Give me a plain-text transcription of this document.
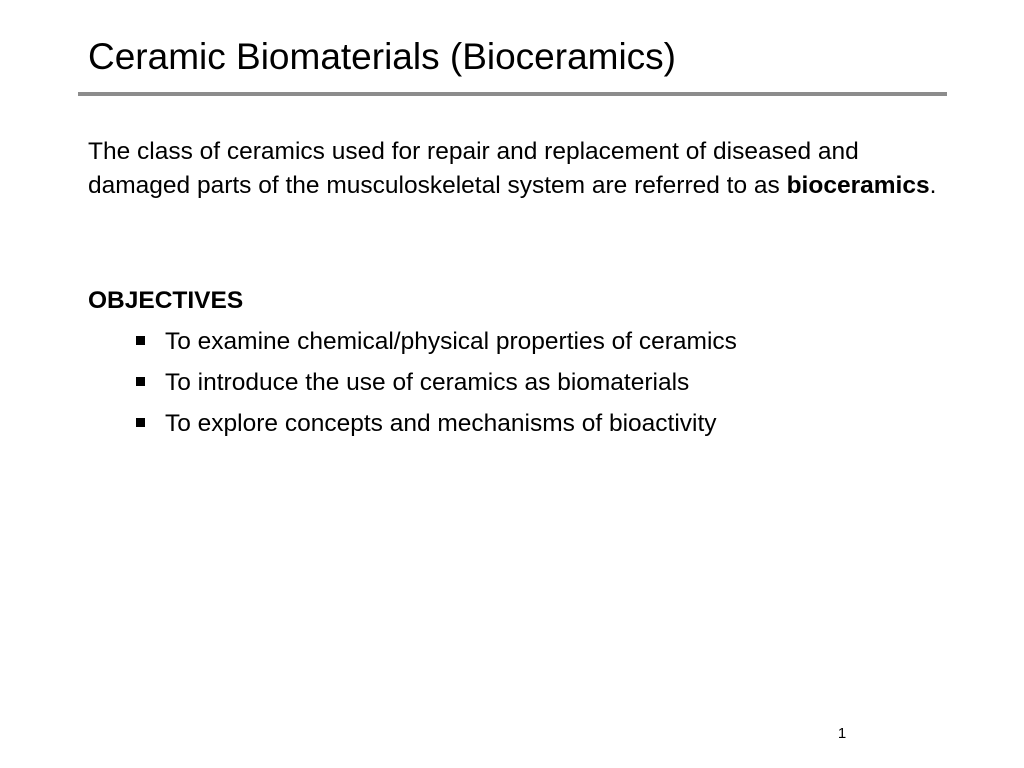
Ceramic Biomaterials (Bioceramics)

The class of ceramics used for repair and replacement of diseased and damaged parts of the musculoskeletal system are referred to as bioceramics.

OBJECTIVES

To examine chemical/physical properties of ceramics
To introduce the use of ceramics as biomaterials
To explore concepts and mechanisms of bioactivity
1
